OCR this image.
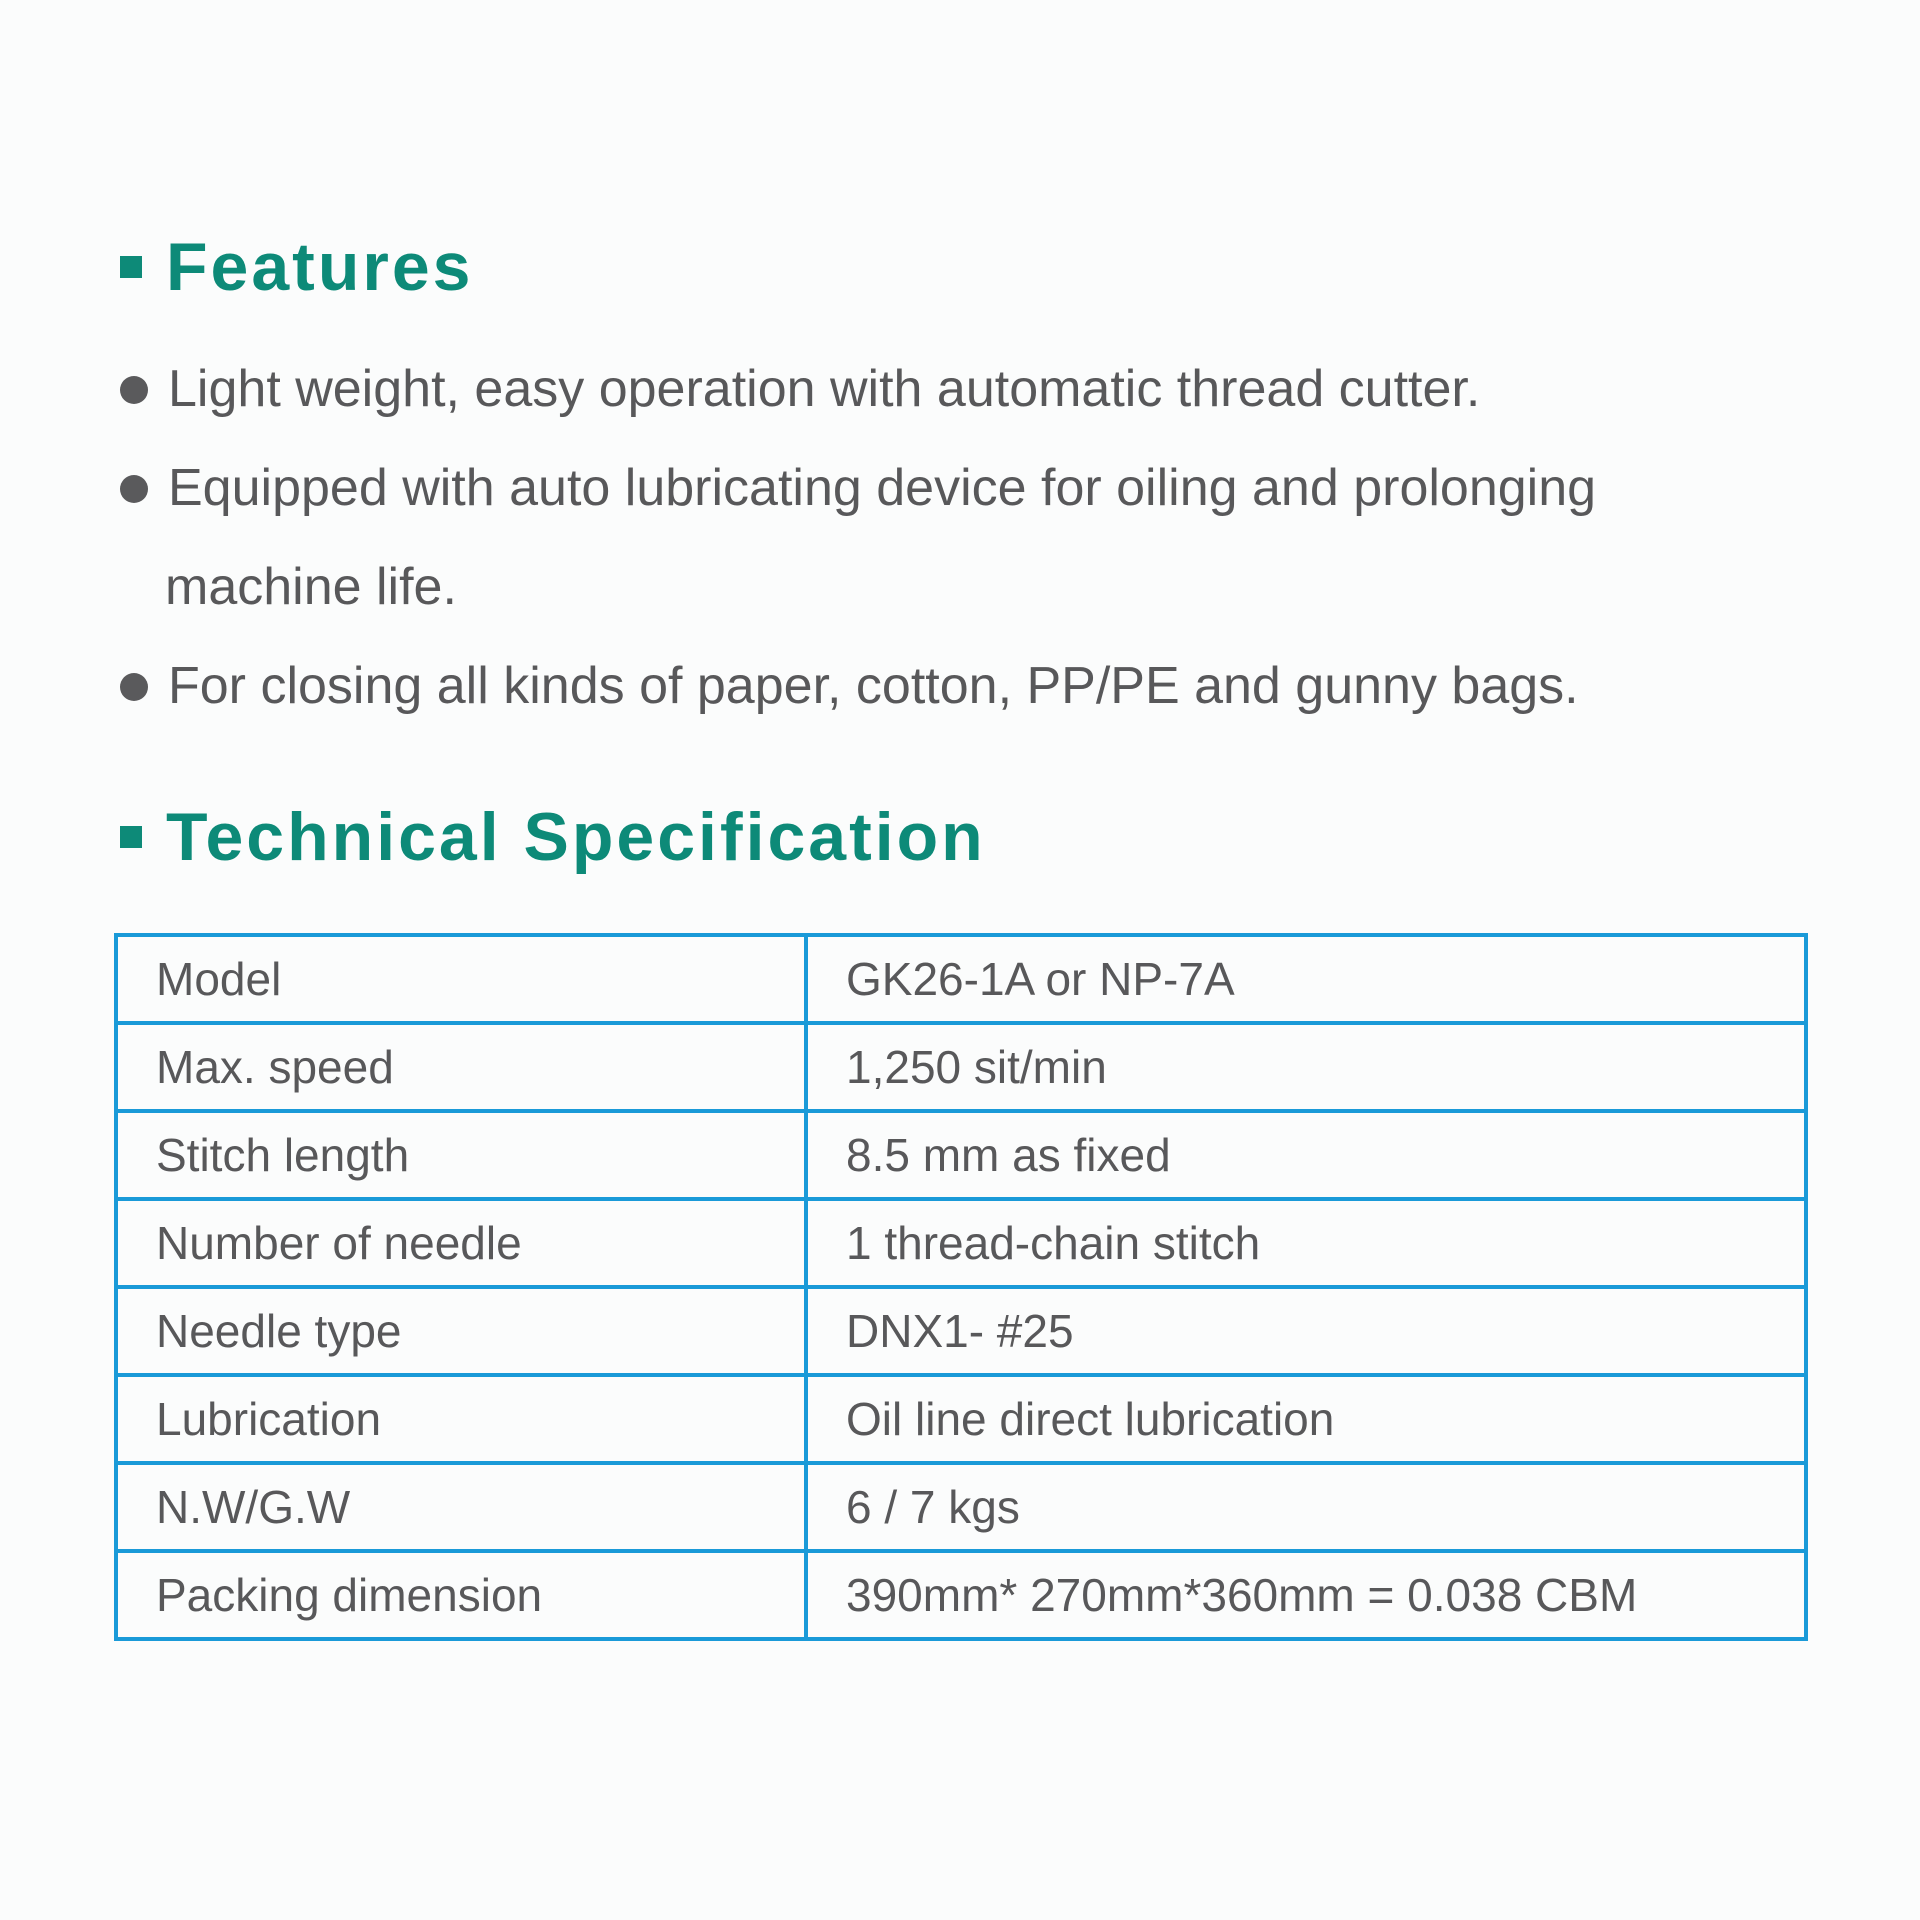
Features
Light weight, easy operation with automatic thread cutter.
Equipped with auto lubricating device for oiling and prolonging
machine life.
For closing all kinds of paper, cotton, PP/PE and gunny bags.
Technical Specification
Model	GK26-1A or NP-7A
Max. speed	1,250 sit/min
Stitch length	8.5 mm as fixed
Number of needle	1 thread-chain stitch
Needle type	DNX1- #25
Lubrication	Oil line direct lubrication
N.W/G.W	6 / 7 kgs
Packing dimension	390mm* 270mm*360mm = 0.038 CBM
